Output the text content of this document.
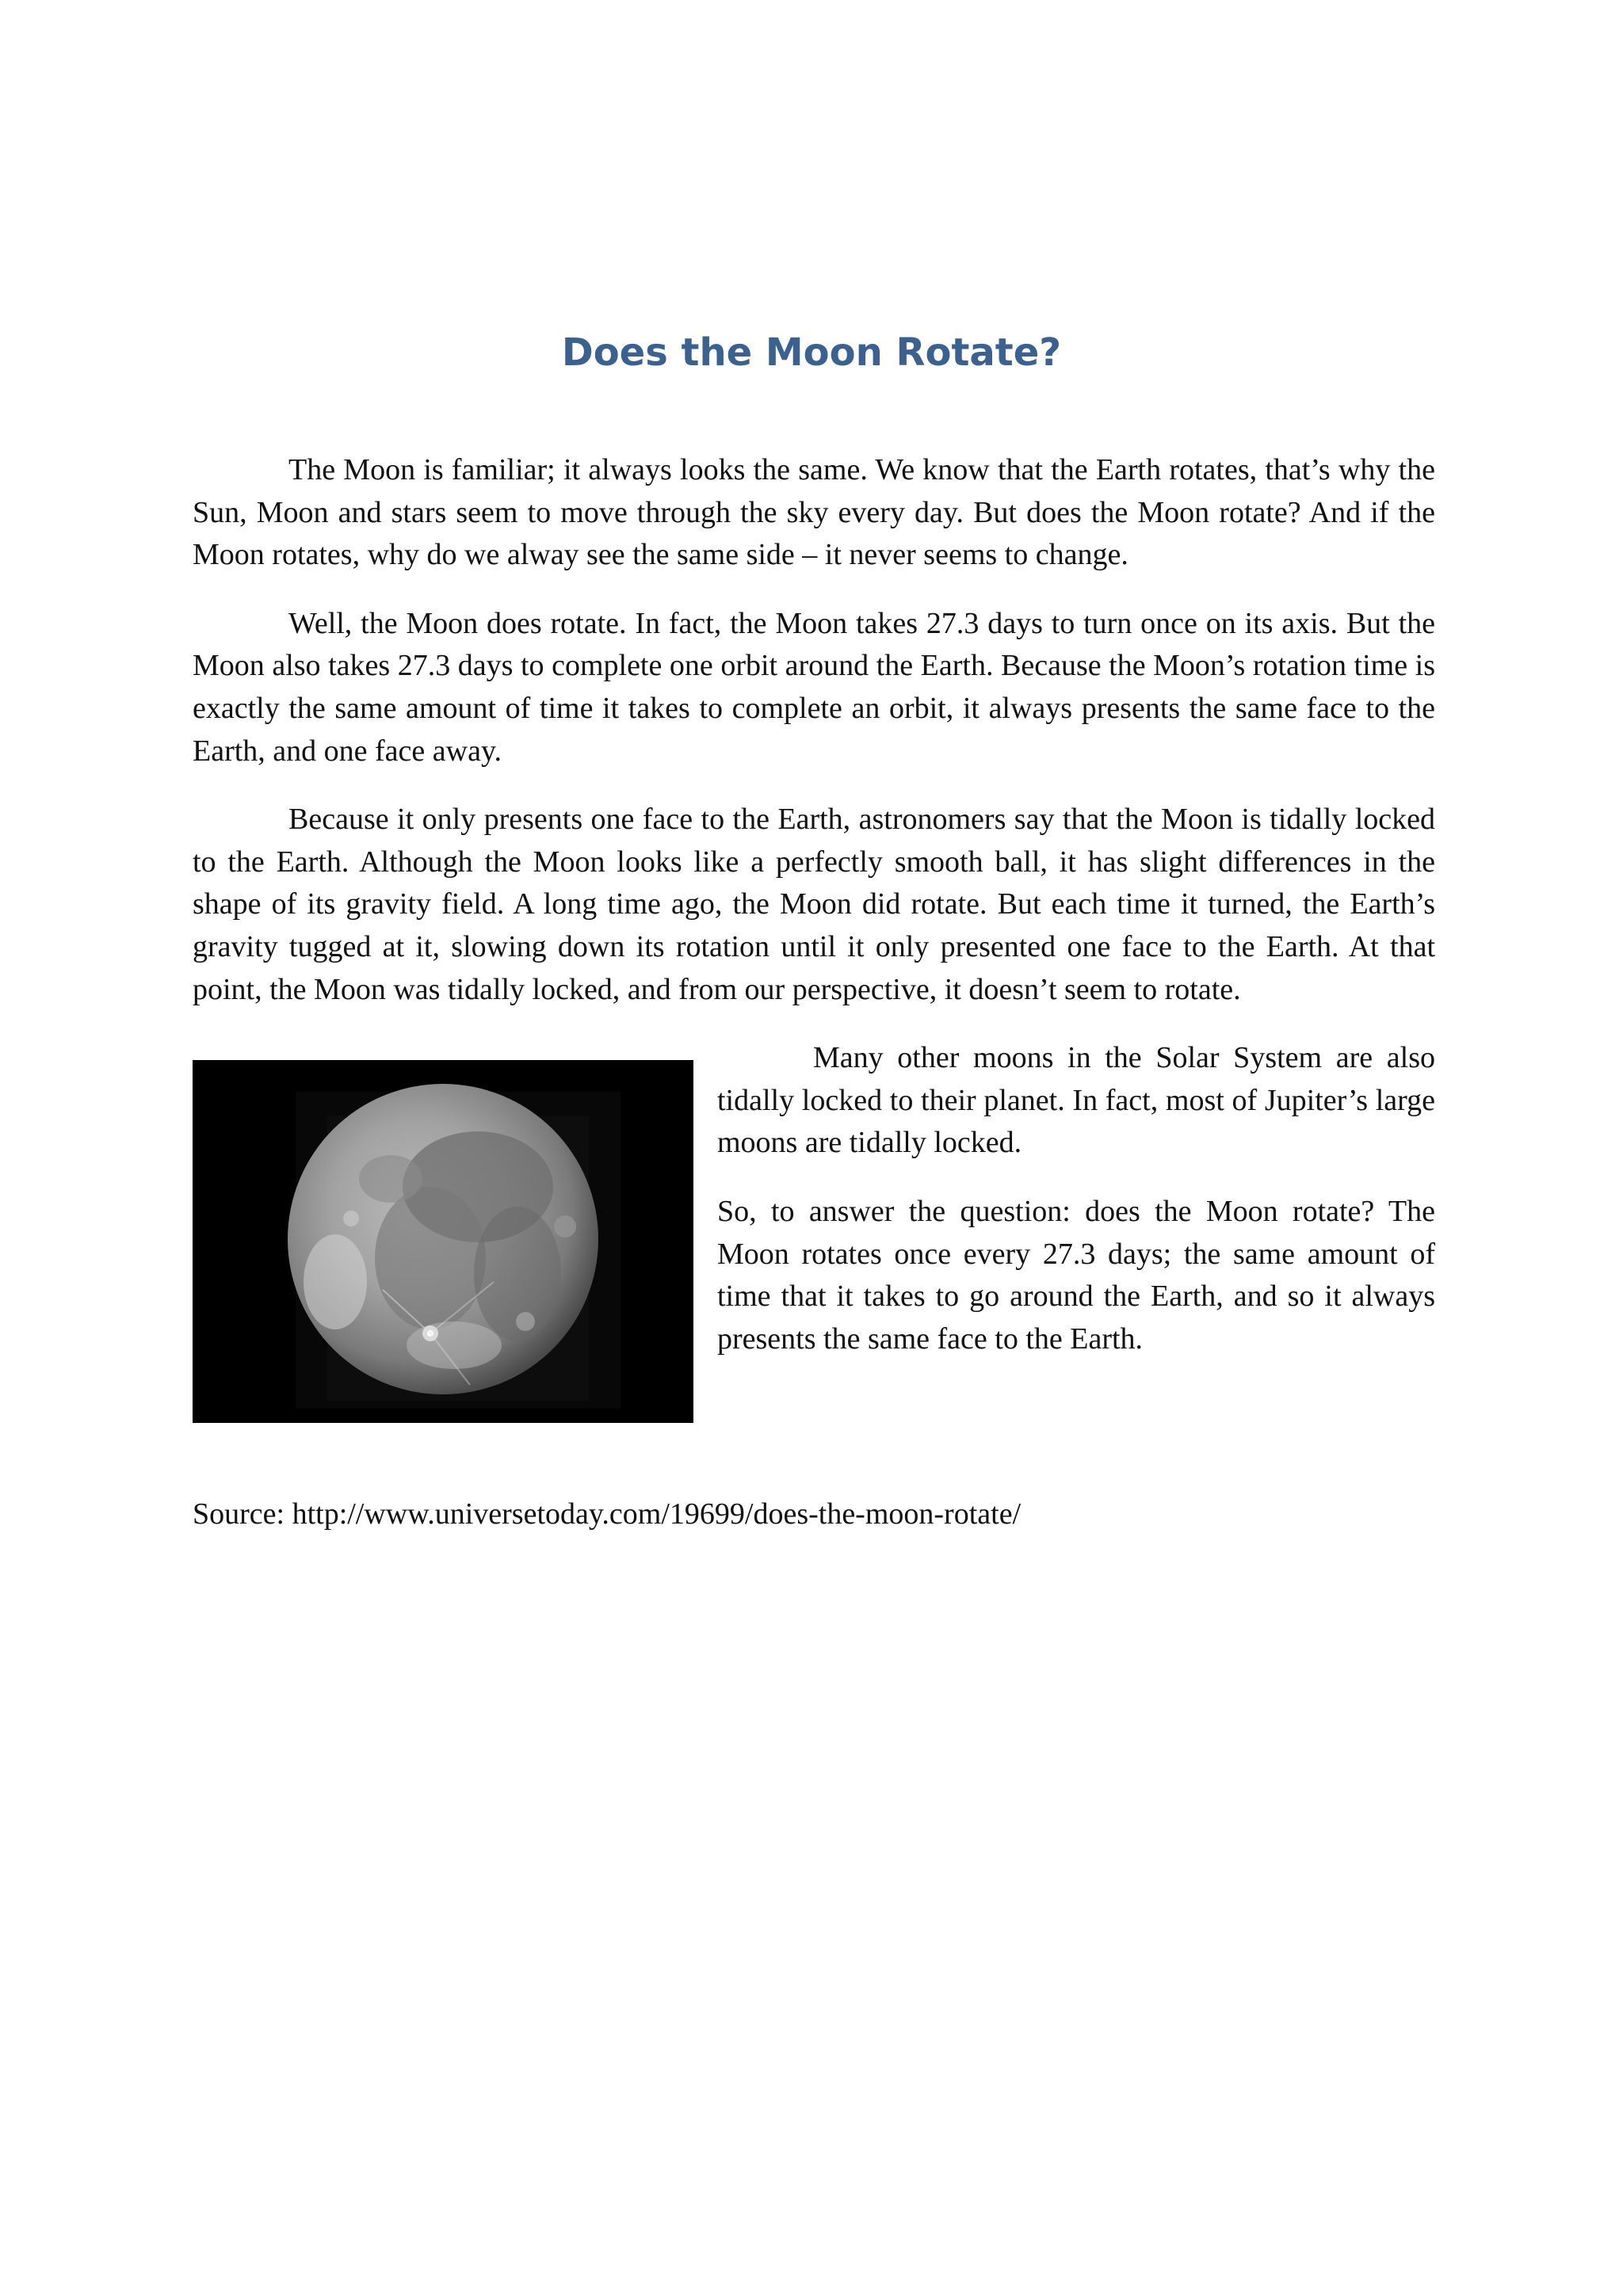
Does the Moon Rotate?

The Moon is familiar; it always looks the same. We know that the Earth rotates, that’s why the Sun, Moon and stars seem to move through the sky every day. But does the Moon rotate? And if the Moon rotates, why do we alway see the same side – it never seems to change.

Well, the Moon does rotate. In fact, the Moon takes 27.3 days to turn once on its axis. But the Moon also takes 27.3 days to complete one orbit around the Earth. Because the Moon’s rotation time is exactly the same amount of time it takes to complete an orbit, it always presents the same face to the Earth, and one face away.

Because it only presents one face to the Earth, astronomers say that the Moon is tidally locked to the Earth. Although the Moon looks like a perfectly smooth ball, it has slight differences in the shape of its gravity field. A long time ago, the Moon did rotate. But each time it turned, the Earth’s gravity tugged at it, slowing down its rotation until it only presented one face to the Earth. At that point, the Moon was tidally locked, and from our perspective, it doesn’t seem to rotate.

Many other moons in the Solar System are also tidally locked to their planet. In fact, most of Jupiter’s large moons are tidally locked.

So, to answer the question: does the Moon rotate? The Moon rotates once every 27.3 days; the same amount of time that it takes to go around the Earth, and so it always presents the same face to the Earth.

Source: http://www.universetoday.com/19699/does-the-moon-rotate/
